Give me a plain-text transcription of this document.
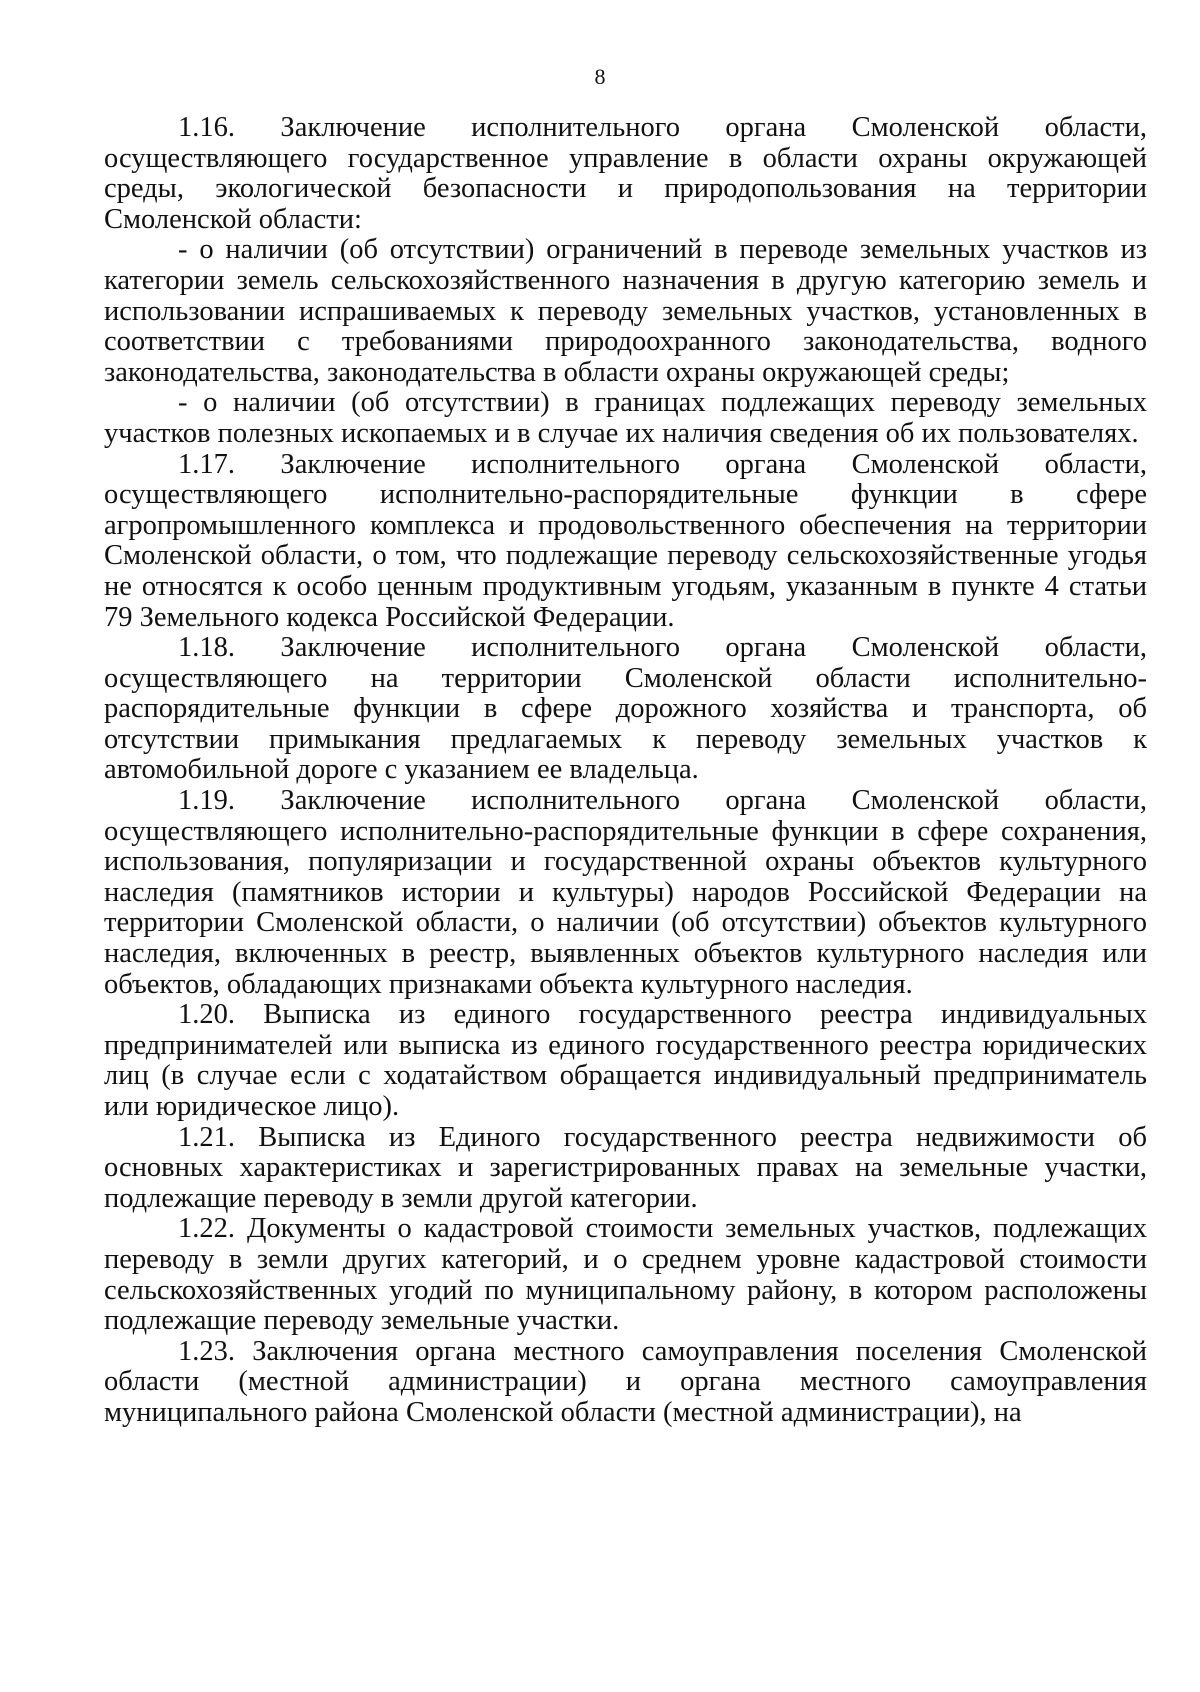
8

1.16. Заключение исполнительного органа Смоленской области, осуществляющего государственное управление в области охраны окружающей среды, экологической безопасности и природопользования на территории Смоленской области:

- о наличии (об отсутствии) ограничений в переводе земельных участков из категории земель сельскохозяйственного назначения в другую категорию земель и использовании испрашиваемых к переводу земельных участков, установленных в соответствии с требованиями природоохранного законодательства, водного законодательства, законодательства в области охраны окружающей среды;

- о наличии (об отсутствии) в границах подлежащих переводу земельных участков полезных ископаемых и в случае их наличия сведения об их пользователях.

1.17. Заключение исполнительного органа Смоленской области, осуществляющего исполнительно-распорядительные функции в сфере агропромышленного комплекса и продовольственного обеспечения на территории Смоленской области, о том, что подлежащие переводу сельскохозяйственные угодья не относятся к особо ценным продуктивным угодьям, указанным в пункте 4 статьи 79 Земельного кодекса Российской Федерации.

1.18. Заключение исполнительного органа Смоленской области, осуществляющего на территории Смоленской области исполнительно-распорядительные функции в сфере дорожного хозяйства и транспорта, об отсутствии примыкания предлагаемых к переводу земельных участков к автомобильной дороге с указанием ее владельца.

1.19. Заключение исполнительного органа Смоленской области, осуществляющего исполнительно-распорядительные функции в сфере сохранения, использования, популяризации и государственной охраны объектов культурного наследия (памятников истории и культуры) народов Российской Федерации на территории Смоленской области, о наличии (об отсутствии) объектов культурного наследия, включенных в реестр, выявленных объектов культурного наследия или объектов, обладающих признаками объекта культурного наследия.

1.20. Выписка из единого государственного реестра индивидуальных предпринимателей или выписка из единого государственного реестра юридических лиц (в случае если с ходатайством обращается индивидуальный предприниматель или юридическое лицо).

1.21. Выписка из Единого государственного реестра недвижимости об основных характеристиках и зарегистрированных правах на земельные участки, подлежащие переводу в земли другой категории.

1.22. Документы о кадастровой стоимости земельных участков, подлежащих переводу в земли других категорий, и о среднем уровне кадастровой стоимости сельскохозяйственных угодий по муниципальному району, в котором расположены подлежащие переводу земельные участки.

1.23. Заключения органа местного самоуправления поселения Смоленской области (местной администрации) и органа местного самоуправления муниципального района Смоленской области (местной администрации), на
